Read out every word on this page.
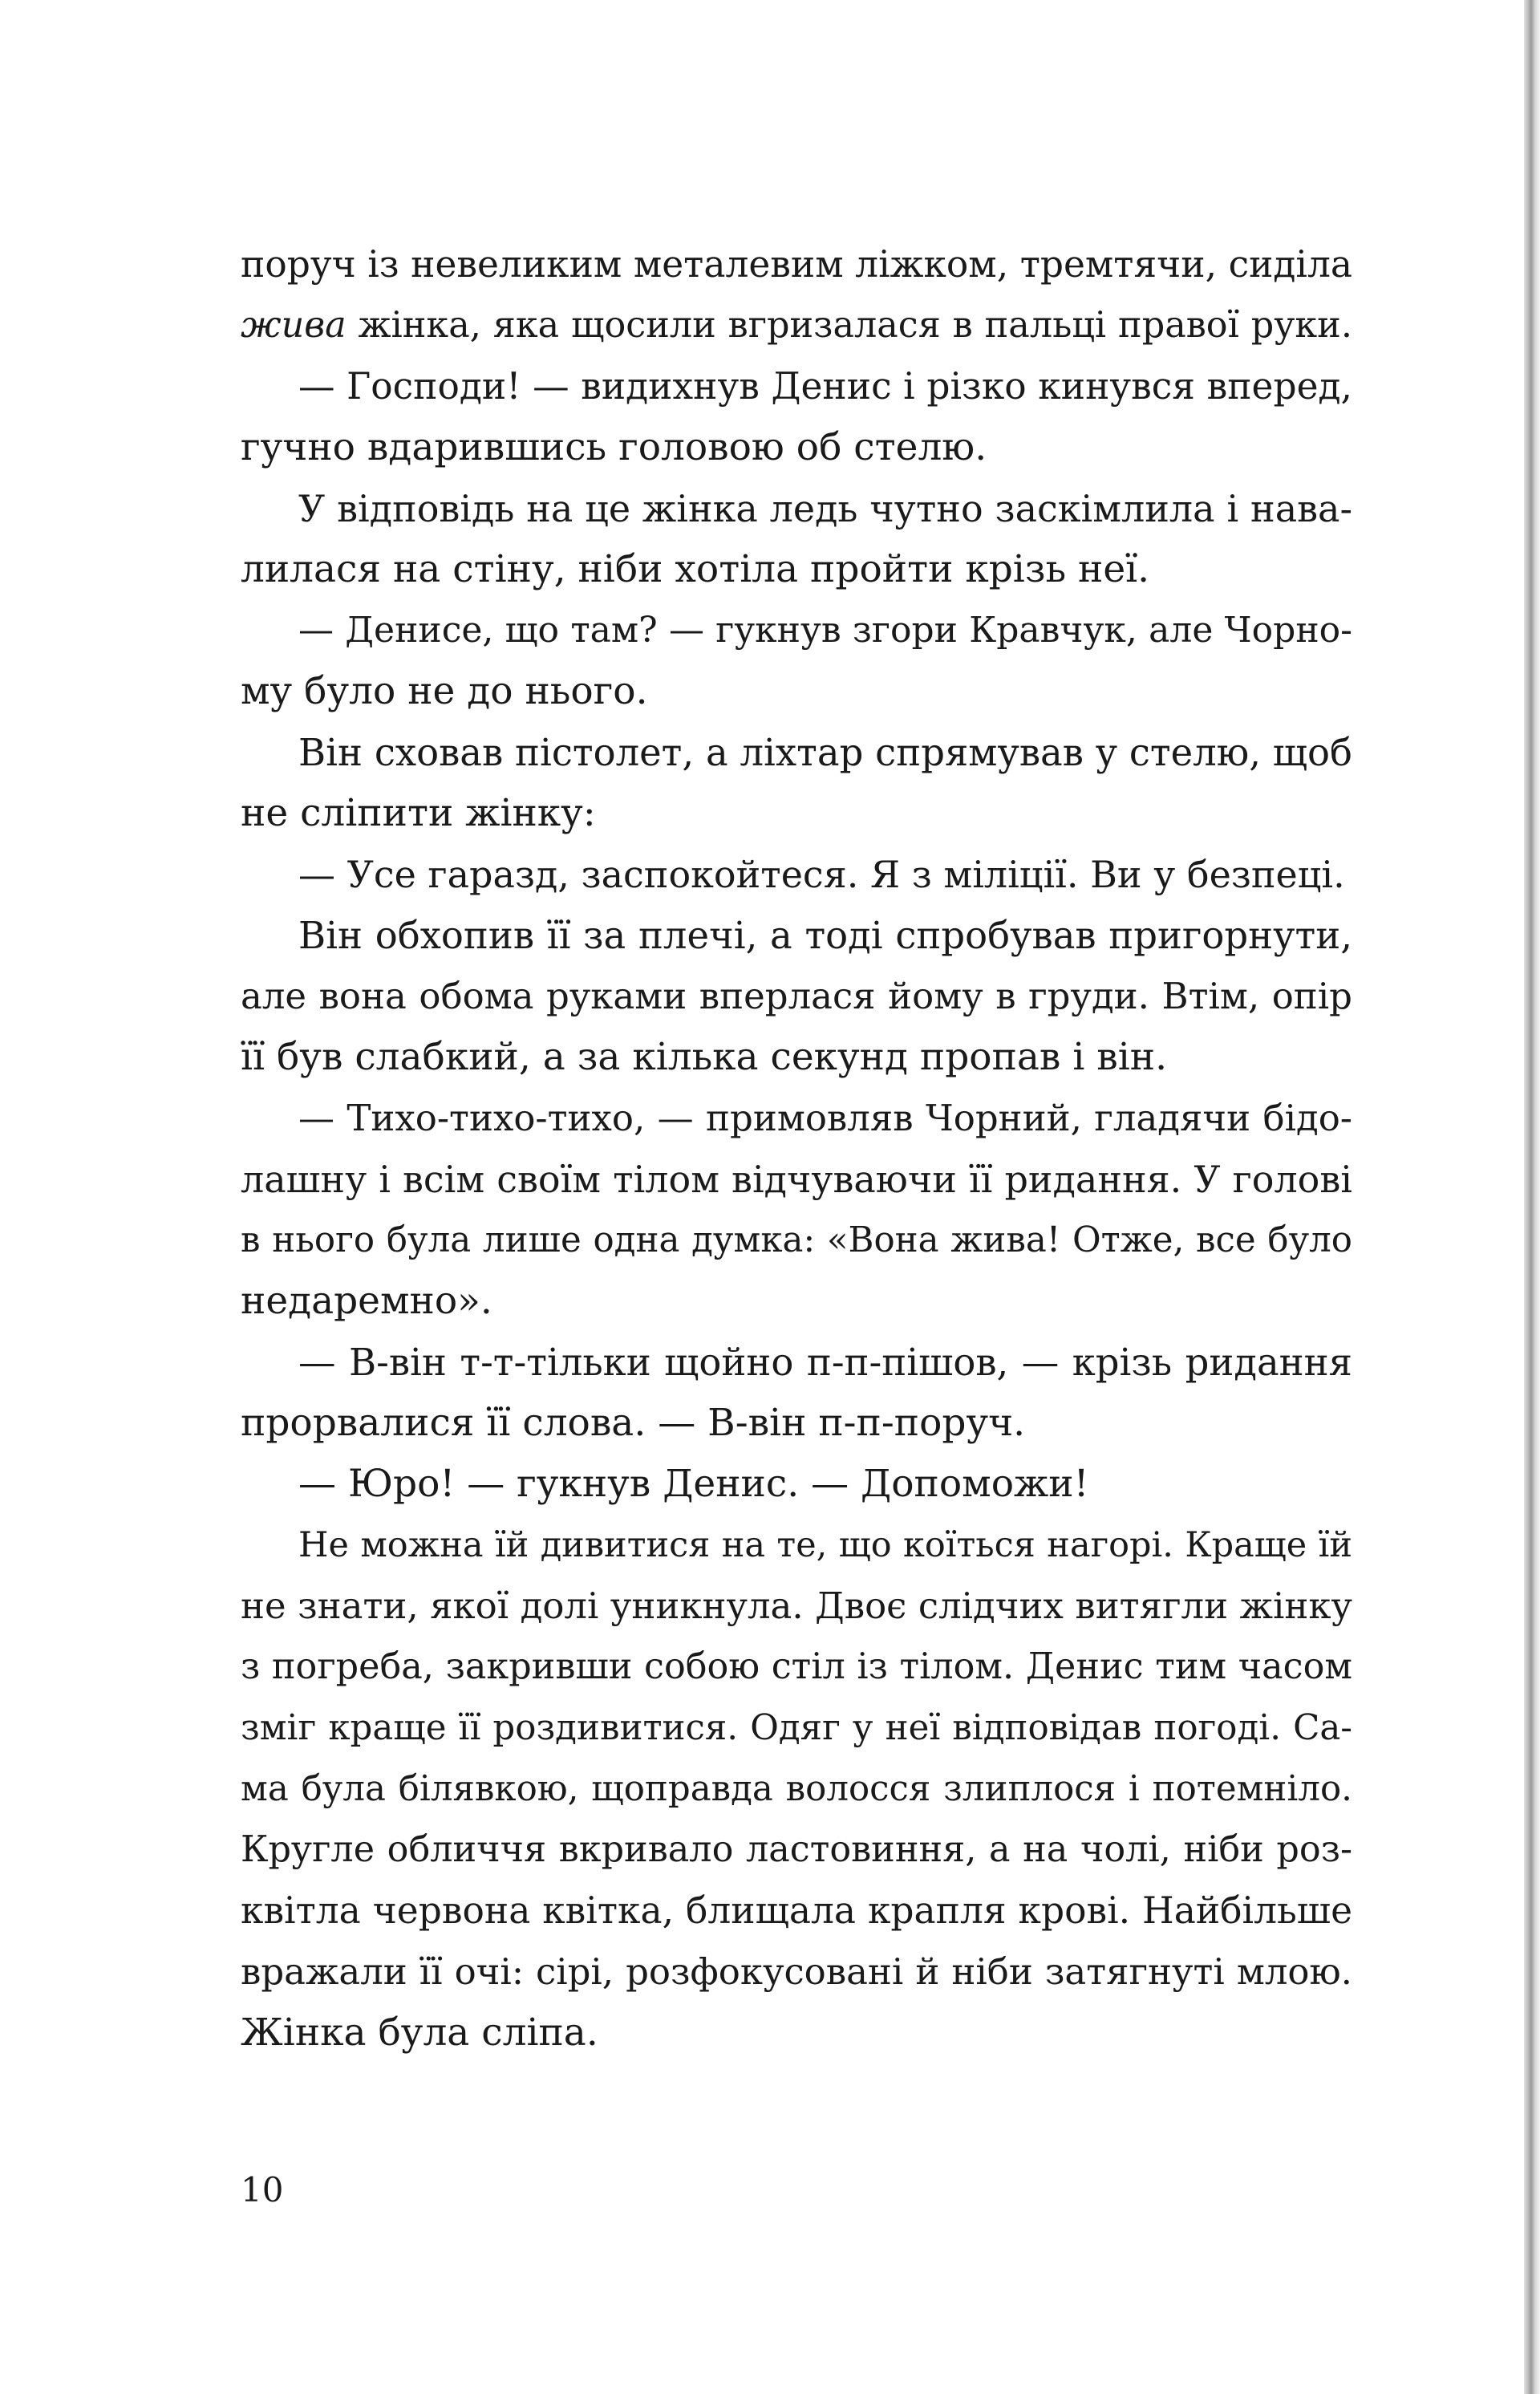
поруч із невеликим металевим ліжком, тремтячи, сиділа
жива жінка, яка щосили вгризалася в пальці правої руки.
— Господи! — видихнув Денис і різко кинувся вперед,
гучно вдарившись головою об стелю.
У відповідь на це жінка ледь чутно заскімлила і нава-
лилася на стіну, ніби хотіла пройти крізь неї.
— Денисе, що там? — гукнув згори Кравчук, але Чорно-
му було не до нього.
Він сховав пістолет, а ліхтар спрямував у стелю, щоб
не сліпити жінку:
— Усе гаразд, заспокойтеся. Я з міліції. Ви у безпеці.
Він обхопив її за плечі, а тоді спробував пригорнути,
але вона обома руками вперлася йому в груди. Втім, опір
її був слабкий, а за кілька секунд пропав і він.
— Тихо-тихо-тихо, — примовляв Чорний, гладячи бідо-
лашну і всім своїм тілом відчуваючи її ридання. У голові
в нього була лише одна думка: «Вона жива! Отже, все було
недаремно».
— В-він т-т-тільки щойно п-п-пішов, — крізь ридання
прорвалися її слова. — В-він п-п-поруч.
— Юро! — гукнув Денис. — Допоможи!
Не можна їй дивитися на те, що коїться нагорі. Краще їй
не знати, якої долі уникнула. Двоє слідчих витягли жінку
з погреба, закривши собою стіл із тілом. Денис тим часом
зміг краще її роздивитися. Одяг у неї відповідав погоді. Са-
ма була білявкою, щоправда волосся злиплося і потемніло.
Кругле обличчя вкривало ластовиння, а на чолі, ніби роз-
квітла червона квітка, блищала крапля крові. Найбільше
вражали її очі: сірі, розфокусовані й ніби затягнуті млою.
Жінка була сліпа.
10
